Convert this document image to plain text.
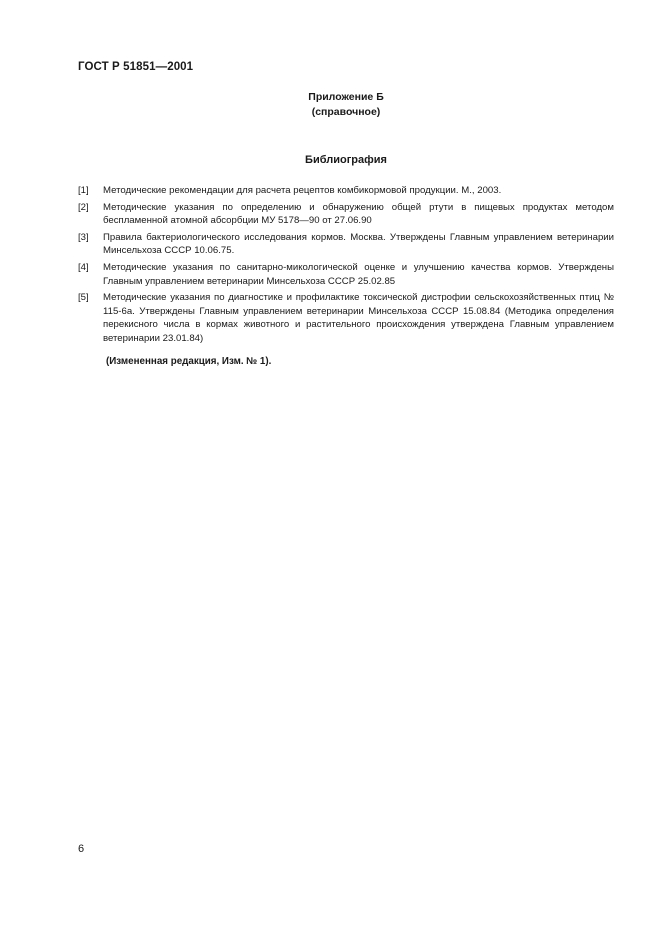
ГОСТ Р 51851—2001
Приложение Б
(справочное)
Библиография
[1]	Методические рекомендации для расчета рецептов комбикормовой продукции. М., 2003.
[2]	Методические указания по определению и обнаружению общей ртути в пищевых продуктах методом беспламенной атомной абсорбции МУ 5178—90 от 27.06.90
[3]	Правила бактериологического исследования кормов. Москва. Утверждены Главным управлением ветеринарии Минсельхоза СССР 10.06.75.
[4]	Методические указания по санитарно-микологической оценке и улучшению качества кормов. Утверждены Главным управлением ветеринарии Минсельхоза СССР 25.02.85
[5]	Методические указания по диагностике и профилактике токсической дистрофии сельскохозяйственных птиц № 115-6а. Утверждены Главным управлением ветеринарии Минсельхоза СССР 15.08.84 (Методика определения перекисного числа в кормах животного и растительного происхождения утверждена Главным управлением ветеринарии 23.01.84)
(Измененная редакция, Изм. № 1).
6
